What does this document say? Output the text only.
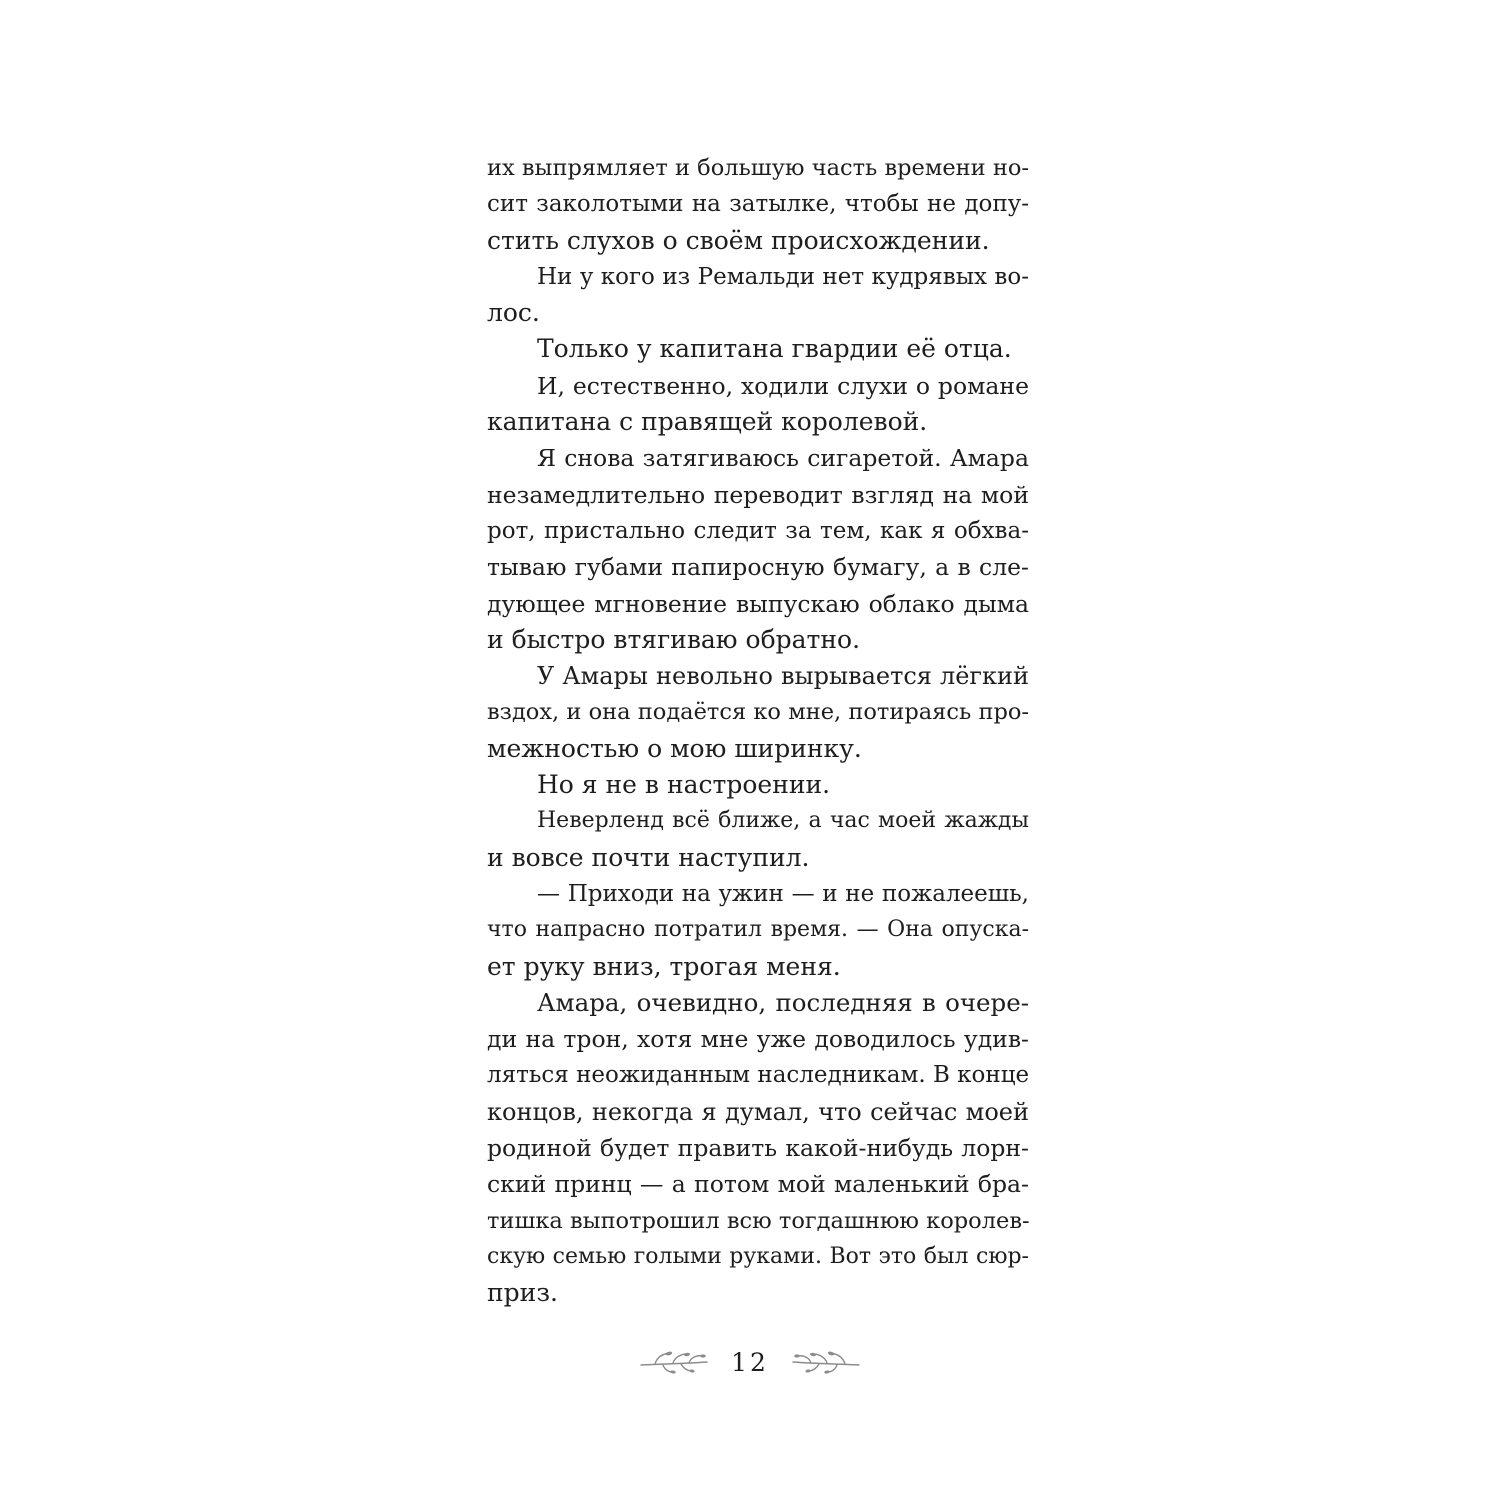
их выпрямляет и большую часть времени но-
сит заколотыми на затылке, чтобы не допу-
стить слухов о своём происхождении.
Ни у кого из Ремальди нет кудрявых во-
лос.
Только у капитана гвардии её отца.
И, естественно, ходили слухи о романе
капитана с правящей королевой.
Я снова затягиваюсь сигаретой. Амара
незамедлительно переводит взгляд на мой
рот, пристально следит за тем, как я обхва-
тываю губами папиросную бумагу, а в сле-
дующее мгновение выпускаю облако дыма
и быстро втягиваю обратно.
У Амары невольно вырывается лёгкий
вздох, и она подаётся ко мне, потираясь про-
межностью о мою ширинку.
Но я не в настроении.
Неверленд всё ближе, а час моей жажды
и вовсе почти наступил.
— Приходи на ужин — и не пожалеешь,
что напрасно потратил время. — Она опуска-
ет руку вниз, трогая меня.
Амара, очевидно, последняя в очере-
ди на трон, хотя мне уже доводилось удив-
ляться неожиданным наследникам. В конце
концов, некогда я думал, что сейчас моей
родиной будет править какой-нибудь лорн-
ский принц — а потом мой маленький бра-
тишка выпотрошил всю тогдашнюю королев-
скую семью голыми руками. Вот это был сюр-
приз.
12
